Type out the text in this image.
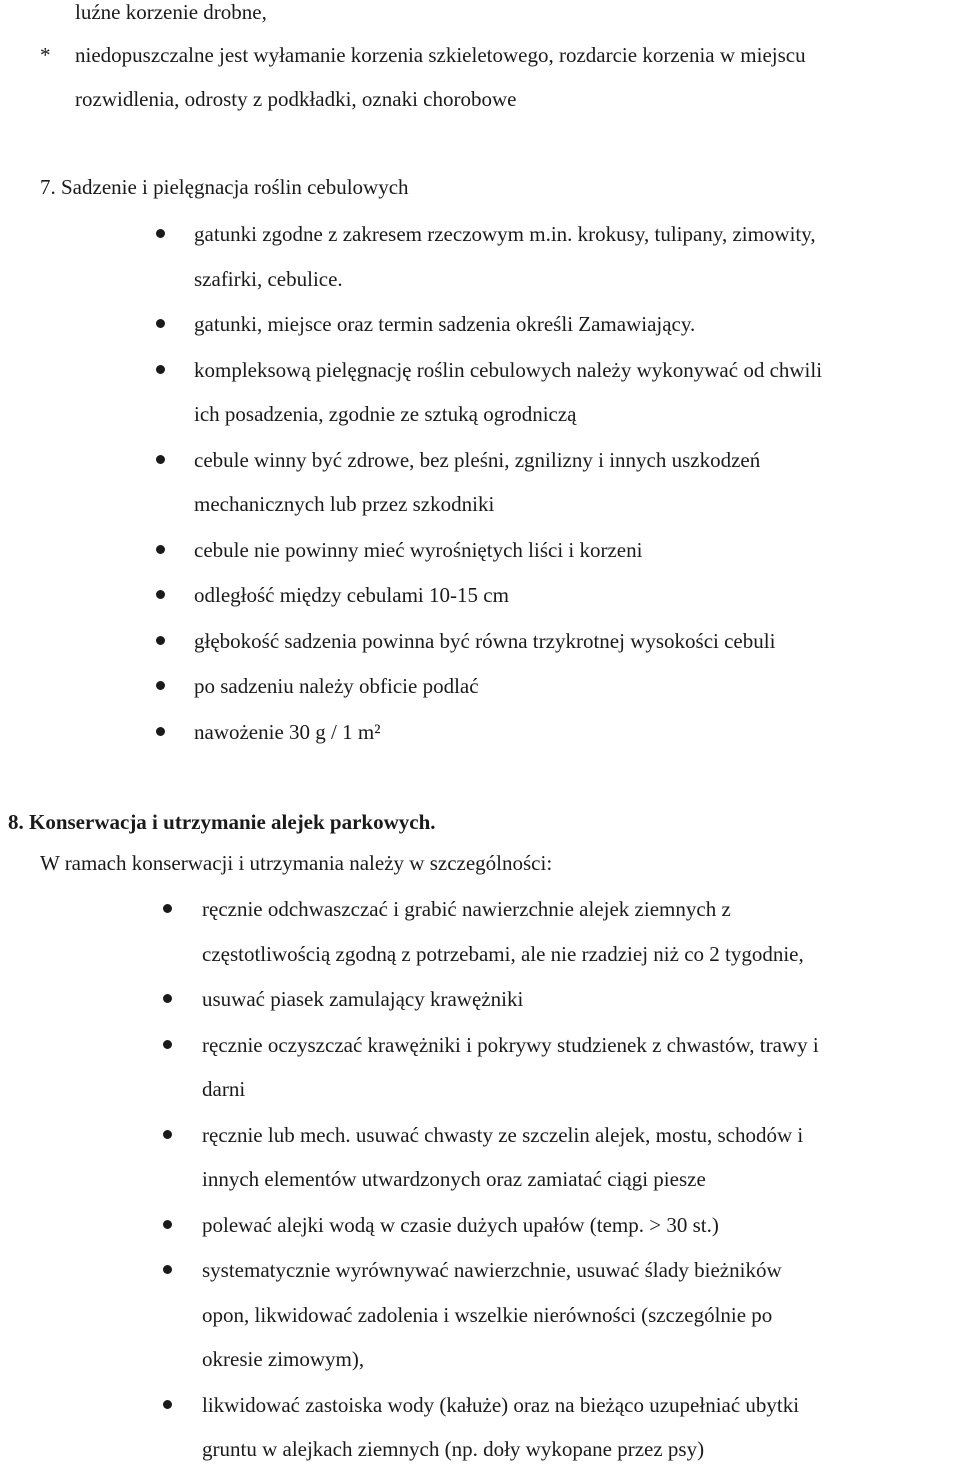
luźne korzenie drobne,
* niedopuszczalne jest wyłamanie korzenia szkieletowego, rozdarcie korzenia w miejscu
rozwidlenia, odrosty z podkładki, oznaki chorobowe
7. Sadzenie i pielęgnacja roślin cebulowych
gatunki zgodne z zakresem rzeczowym m.in. krokusy, tulipany, zimowity,
szafirki, cebulice.
gatunki, miejsce oraz termin sadzenia określi Zamawiający.
kompleksową pielęgnację roślin cebulowych należy wykonywać od chwili
ich posadzenia, zgodnie ze sztuką ogrodniczą
cebule winny być zdrowe, bez pleśni, zgnilizny i innych uszkodzeń
mechanicznych lub przez szkodniki
cebule nie powinny mieć wyrośniętych liści i korzeni
odległość między cebulami 10-15 cm
głębokość sadzenia powinna być równa trzykrotnej wysokości cebuli
po sadzeniu należy obficie podlać
nawożenie 30 g / 1 m²
8. Konserwacja i utrzymanie alejek parkowych.
W ramach konserwacji i utrzymania należy w szczególności:
ręcznie odchwaszczać i grabić nawierzchnie alejek ziemnych z
częstotliwością zgodną z potrzebami, ale nie rzadziej niż co 2 tygodnie,
usuwać piasek zamulający krawężniki
ręcznie oczyszczać krawężniki i pokrywy studzienek z chwastów, trawy i
darni
ręcznie lub mech. usuwać chwasty ze szczelin alejek, mostu, schodów i
innych elementów utwardzonych oraz zamiatać ciągi piesze
polewać alejki wodą w czasie dużych upałów (temp. > 30 st.)
systematycznie wyrównywać nawierzchnie, usuwać ślady bieżników
opon, likwidować zadolenia i wszelkie nierówności (szczególnie po
okresie zimowym),
likwidować zastoiska wody (kałuże) oraz na bieżąco uzupełniać ubytki
gruntu w alejkach ziemnych (np. doły wykopane przez psy)
